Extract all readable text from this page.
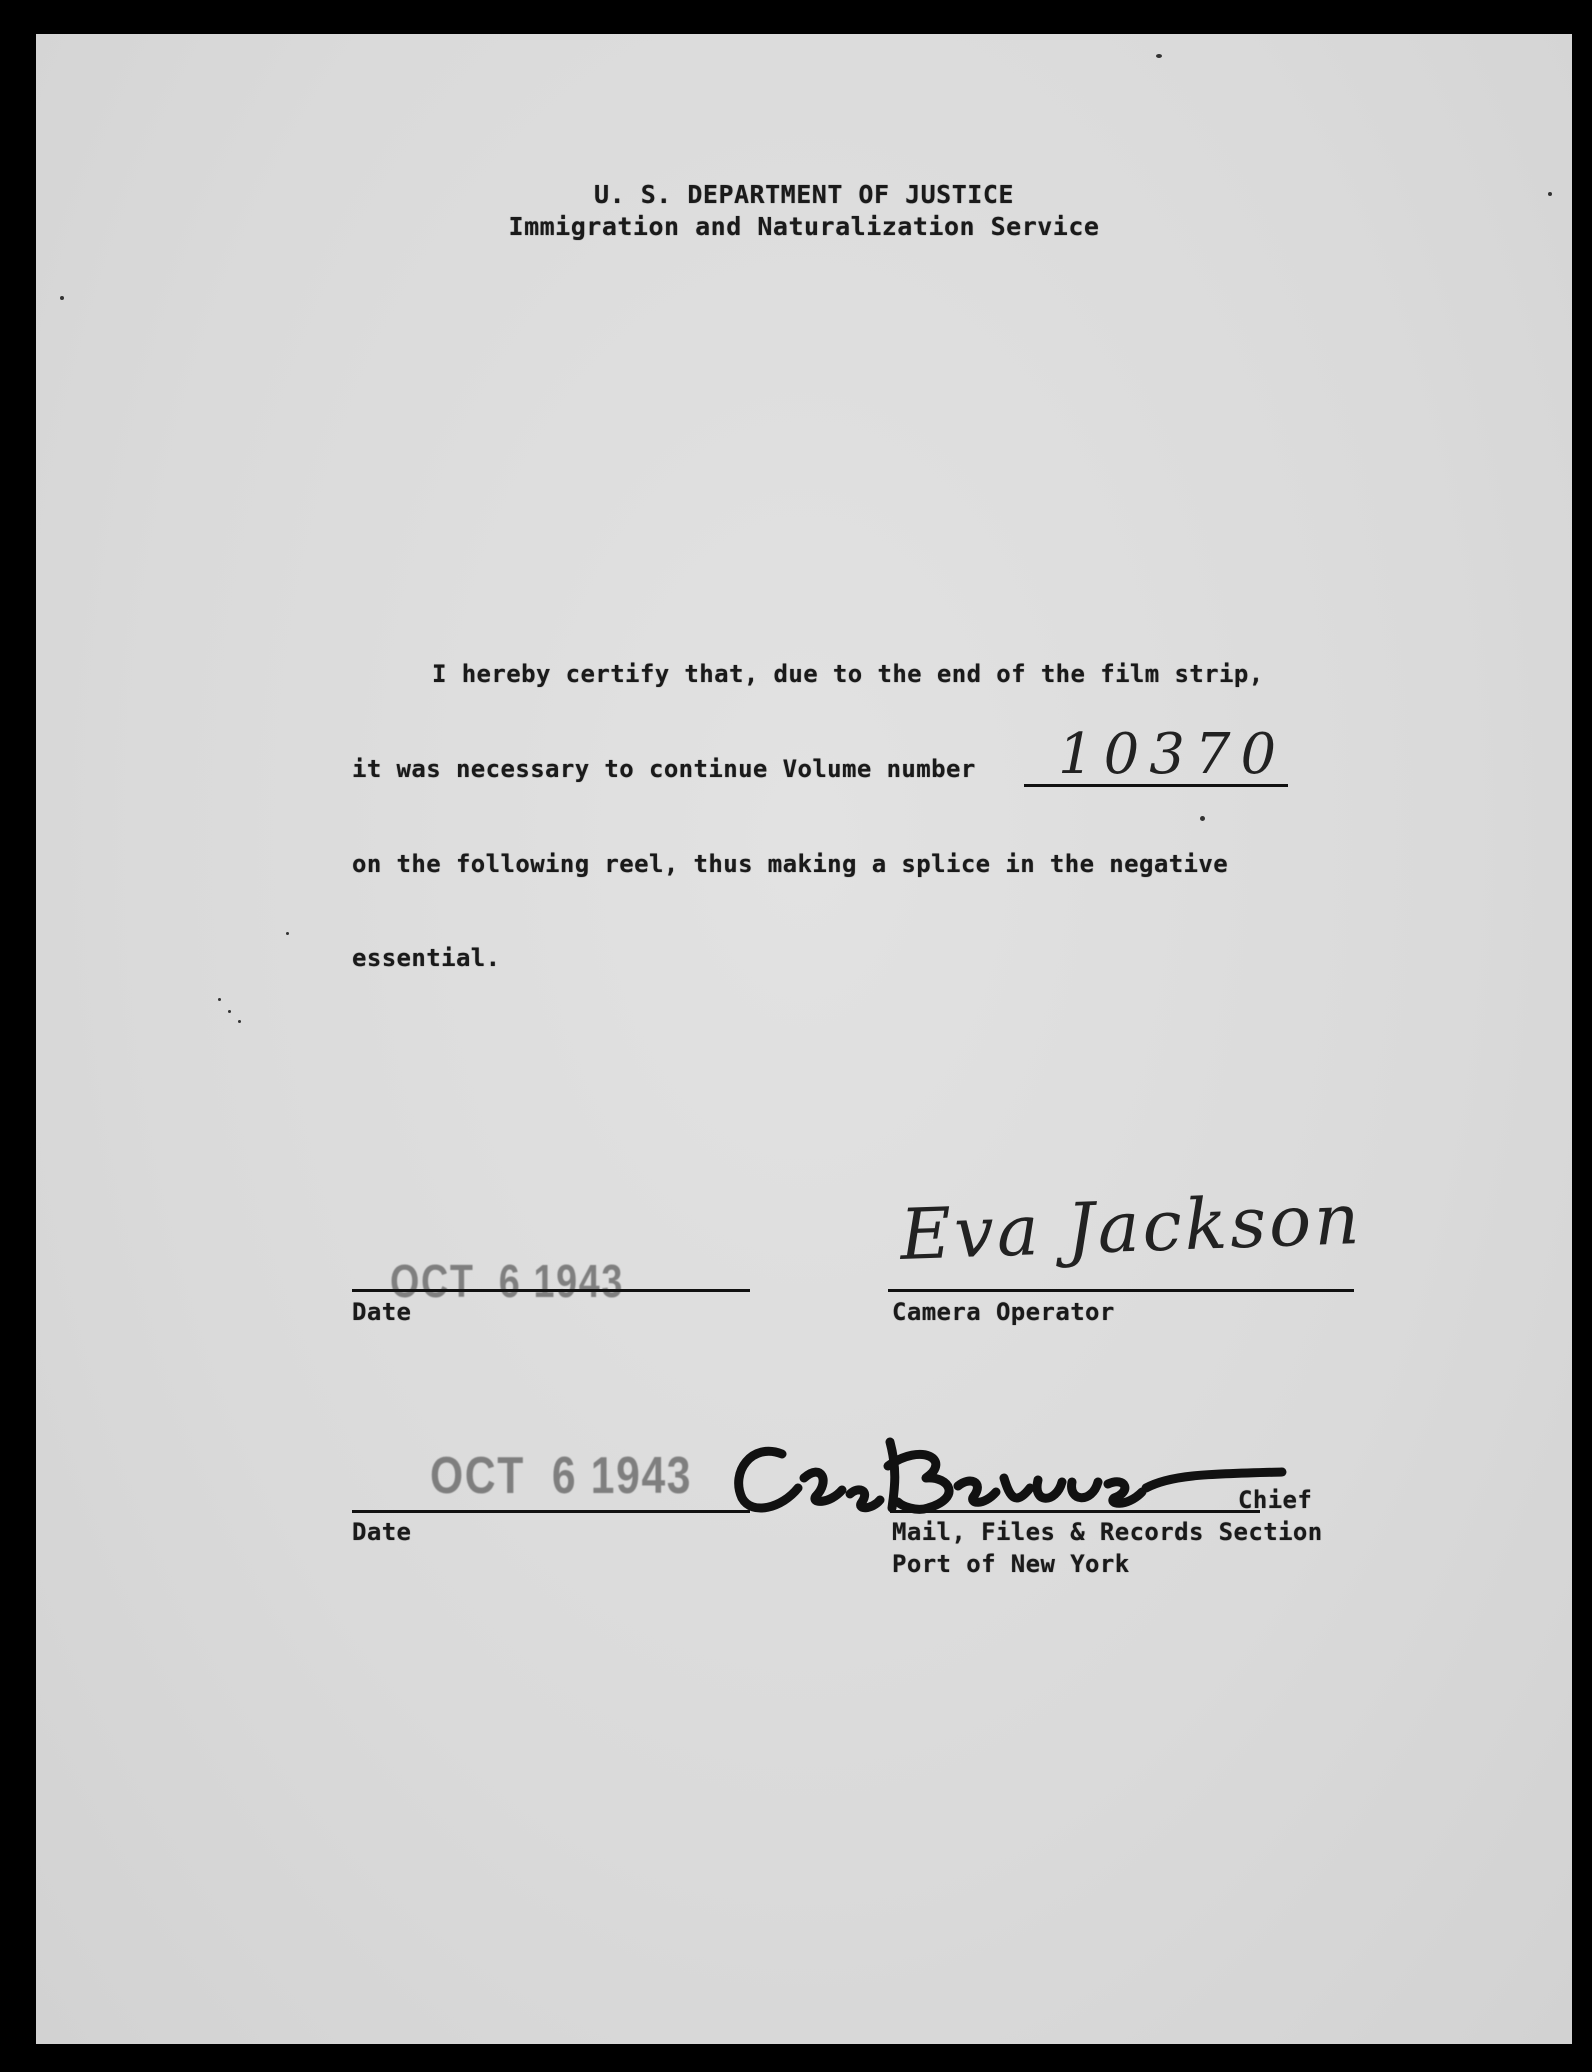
U. S. DEPARTMENT OF JUSTICE
Immigration and Naturalization Service
I hereby certify that, due to the end of the film strip,
it was necessary to continue Volume number 10370
on the following reel, thus making a splice in the negative
essential.
OCT  6 1943
Date
Eva Jackson
Camera Operator
OCT  6 1943
Date
Chief
Mail, Files & Records Section
Port of New York
